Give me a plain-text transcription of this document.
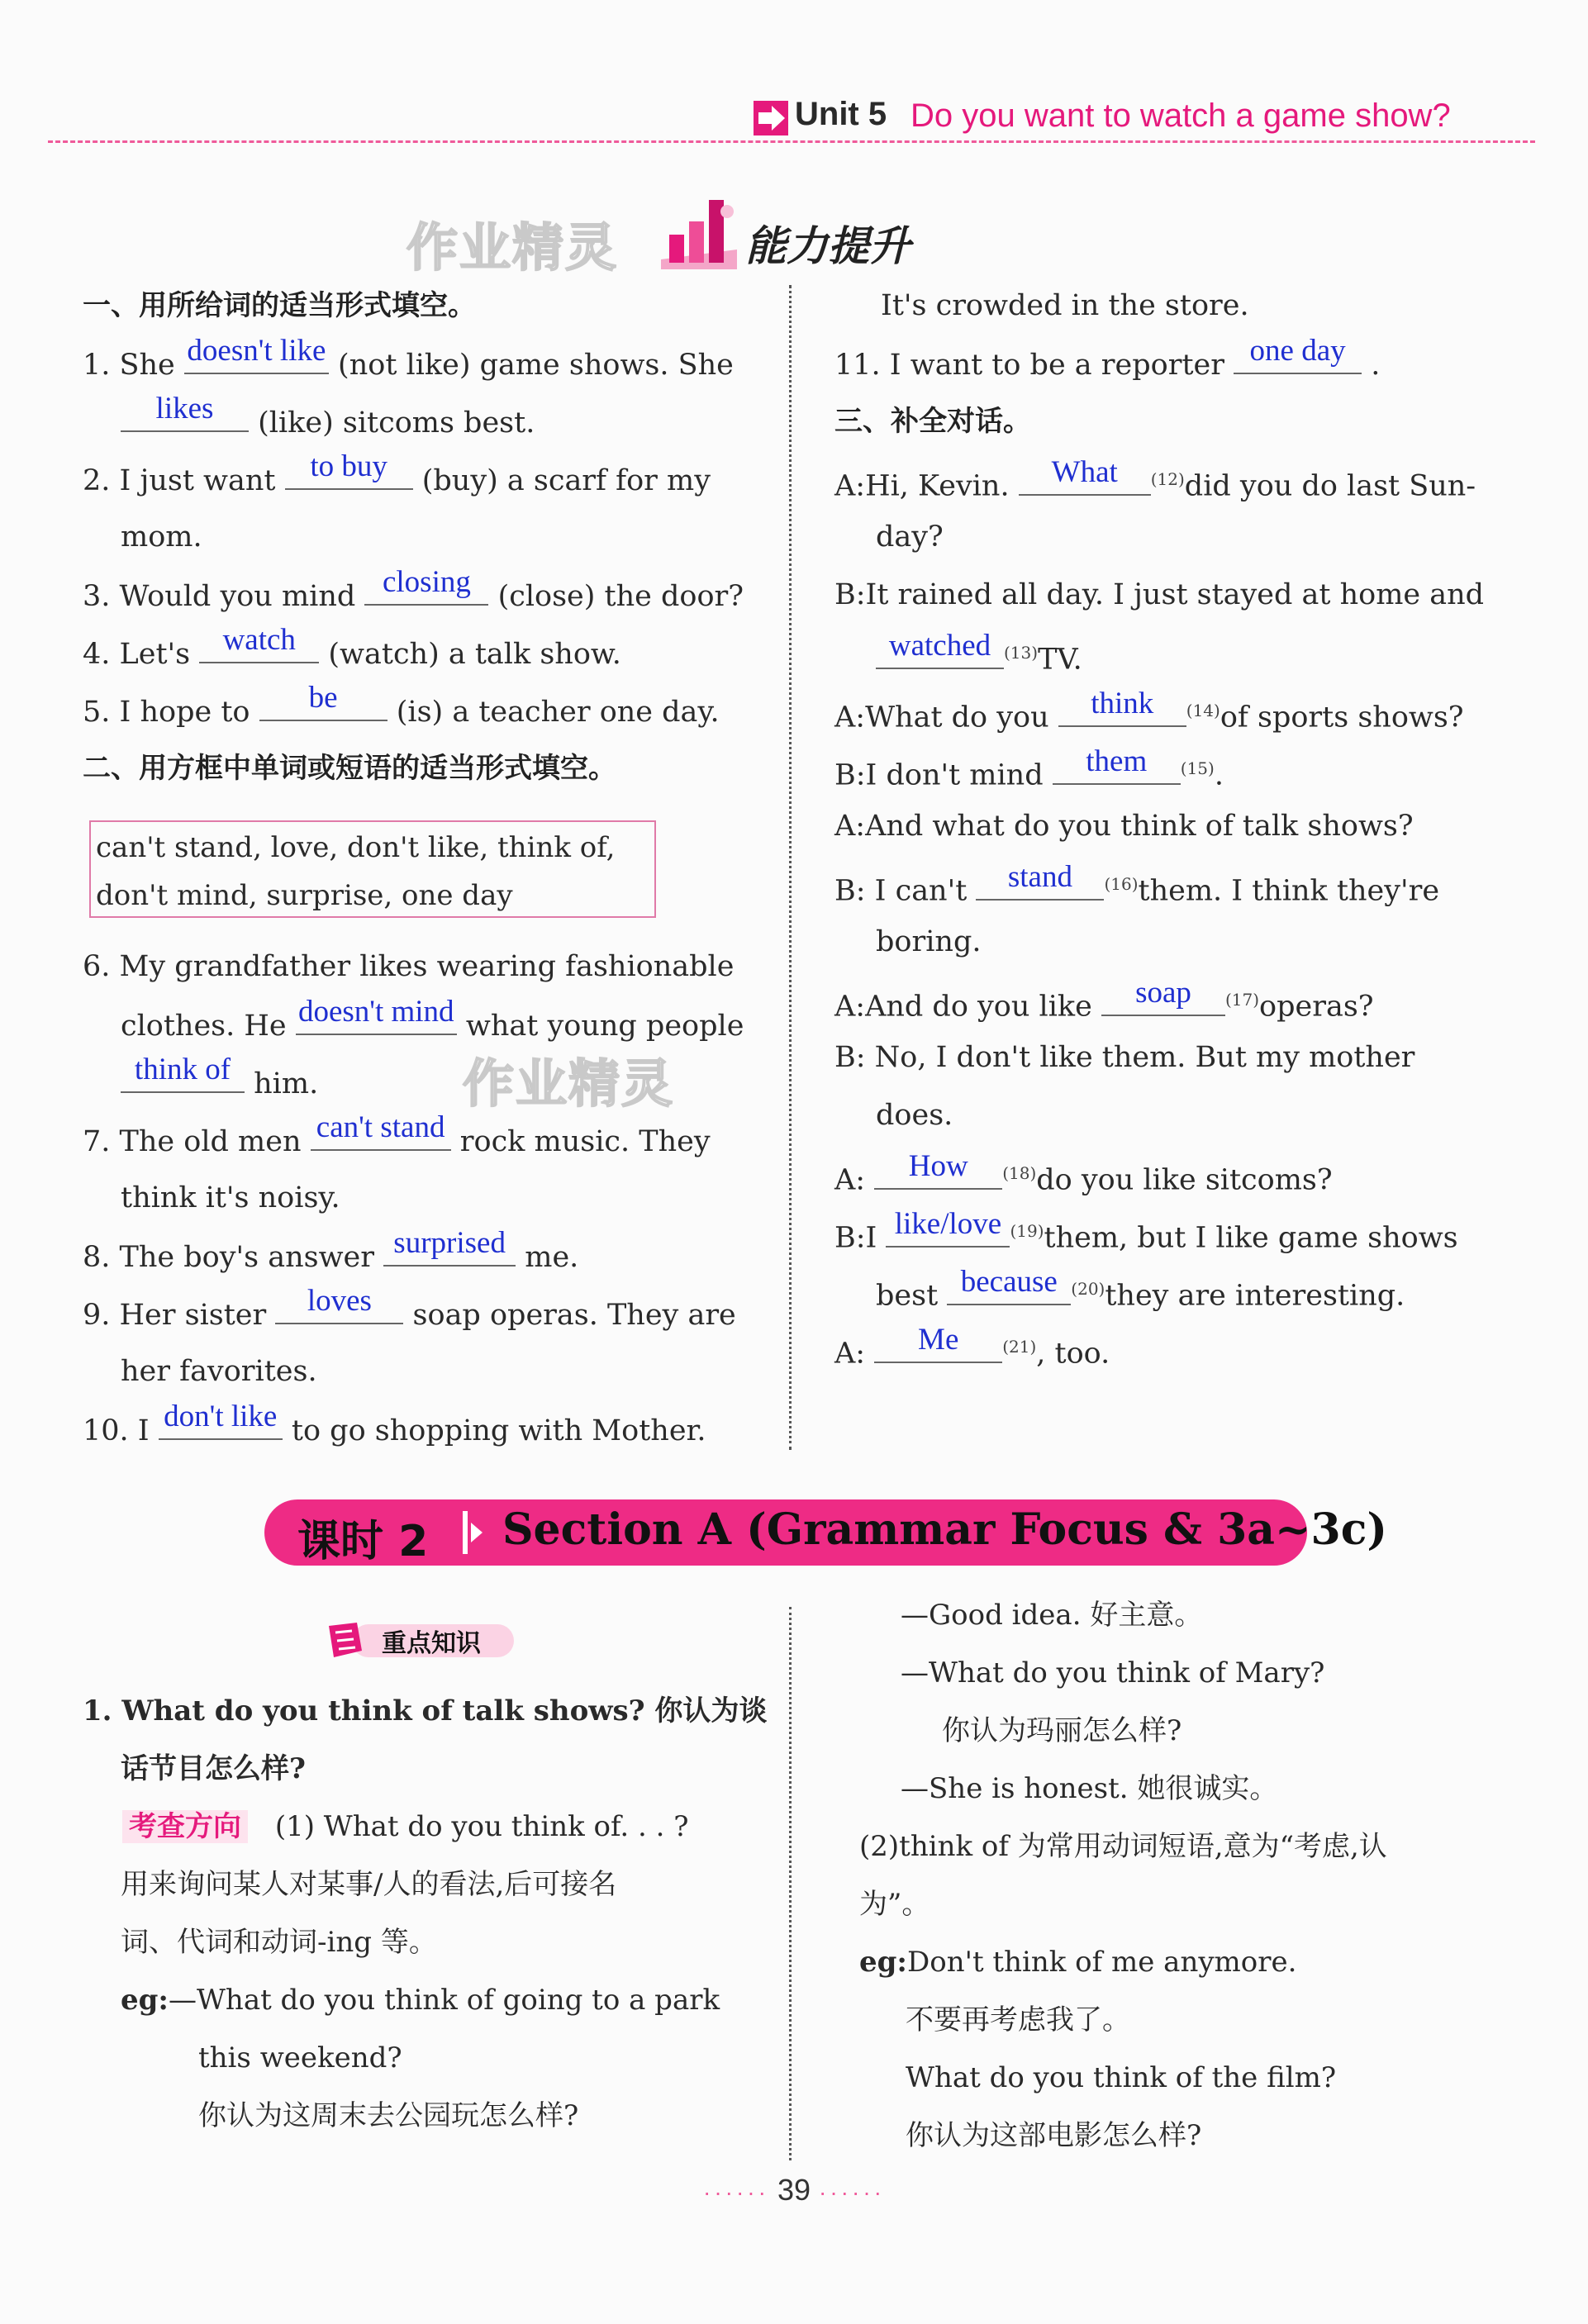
Unit 5 Do you want to watch a game show?
作业精灵	能力提升
一、用所给词的适当形式填空。
1. She doesn't like (not like) game shows. She
likes	(like) sitcoms best.
2. I just want	to buy	(buy) a scarf for my
mom.
3. Would you mind closing (close) the door?
4. Let's	watch	(watch) a talk show.
5. I hope to	be	(is) a teacher one day.
二、用方框中单词或短语的适当形式填空。
can't stand, love, don't like, think of,
don't mind, surprise, one day
6. My grandfather likes wearing fashionable
clothes. He doesn't mind what young people
think of him.
7. The old men can't stand rock music. They
think it's noisy.
8. The boy's answer surprised me.
9. Her sister	loves	soap operas. They are
her favorites.
10. I don't like to go shopping with Mother.
作业精灵
It's crowded in the store.
11. I want to be a reporter one day .
三、补全对话。
A:Hi, Kevin.	What	$^{(12)}$did you do last Sun-
day?
B:It rained all day. I just stayed at home and
watched $^{(13)}$TV.
A:What do you	think	$^{(14)}$of sports shows?
B:I don't mind	them	$^{(15)}$.
A:And what do you think of talk shows?
B: I can't	stand	$^{(16)}$them. I think they're
boring.
A:And do you like	soap	$^{(17)}$operas?
B: No, I don't like them. But my mother
does.
A:	How	$^{(18)}$do you like sitcoms?
B:I like/love $^{(19)}$them, but I like game shows
best because $^{(20)}$they are interesting.
A:	Me	$^{(21)}$, too.
课时 2 Section A (Grammar Focus & 3a~3c)
重点知识
1. What do you think of talk shows? 你认为谈
话节目怎么样?
考查方向 (1) What do you think of. . . ?
用来询问某人对某事/人的看法,后可接名
词、代词和动词-ing 等。
eg:—What do you think of going to a park
this weekend?
你认为这周末去公园玩怎么样?
—Good idea. 好主意。
—What do you think of Mary?
你认为玛丽怎么样?
—She is honest. 她很诚实。
(2)think of 为常用动词短语,意为“考虑,认
为”。
eg:Don't think of me anymore.
不要再考虑我了。
What do you think of the film?
你认为这部电影怎么样?
······ 39 ······
